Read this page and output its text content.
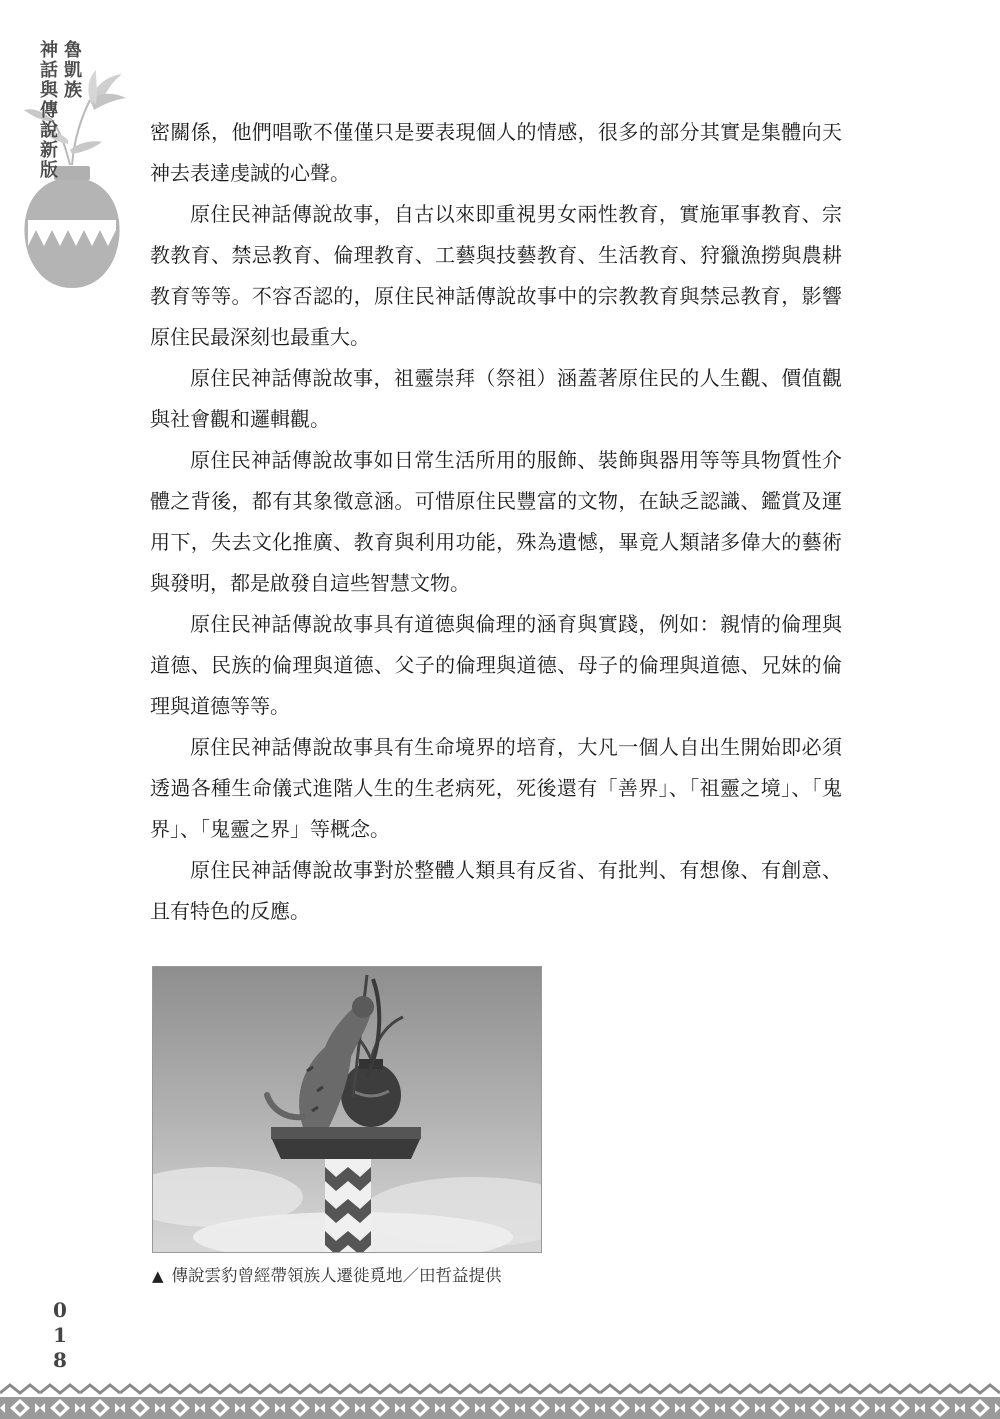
魯凱族
神話與傳說新版	密關係，他們唱歌不僅僅只是要表現個人的情感，很多的部分其實是集體向天神去表達虔誠的心聲。

原住民神話傳說故事，自古以來即重視男女兩性教育，實施軍事教育、宗教教育、禁忌教育、倫理教育、工藝與技藝教育、生活教育、狩獵漁撈與農耕教育等等。不容否認的，原住民神話傳說故事中的宗教教育與禁忌教育，影響原住民最深刻也最重大。

原住民神話傳說故事，祖靈崇拜（祭祖）涵蓋著原住民的人生觀、價值觀與社會觀和邏輯觀。

原住民神話傳說故事如日常生活所用的服飾、裝飾與器用等等具物質性介體之背後，都有其象徵意涵。可惜原住民豐富的文物，在缺乏認識、鑑賞及運用下，失去文化推廣、教育與利用功能，殊為遺憾，畢竟人類諸多偉大的藝術與發明，都是啟發自這些智慧文物。

原住民神話傳說故事具有道德與倫理的涵育與實踐，例如：親情的倫理與道德、民族的倫理與道德、父子的倫理與道德、母子的倫理與道德、兄妹的倫理與道德等等。

原住民神話傳說故事具有生命境界的培育，大凡一個人自出生開始即必須透過各種生命儀式進階人生的生老病死，死後還有「善界」、「祖靈之境」、「鬼界」、「鬼靈之界」等概念。

原住民神話傳說故事對於整體人類具有反省、有批判、有想像、有創意、且有特色的反應。

▲ 傳說雲豹曾經帶領族人遷徙覓地／田哲益提供
0
1
8
